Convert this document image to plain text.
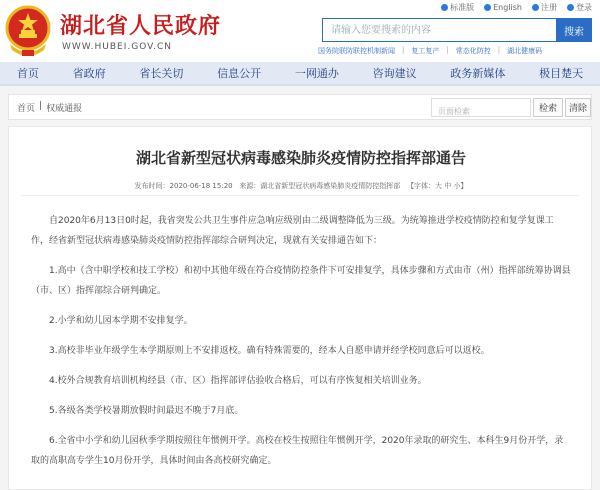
湖北省人民政府
WWW.HUBEI.GOV.CN
标准版 English 注册 登录
请输入您要搜索的内容
搜索
国务院联防联控机制新闻 | 复工复产 | 常态化防控 | 湖北健康码
首页	省政府	省长关切	信息公开	一网通办	咨询建议	政务新媒体	极目楚天
首页 | 权威通报
页面检索	检索	清除
湖北省新型冠状病毒感染肺炎疫情防控指挥部通告
发布时间：2020-06-18 15:20 来源：湖北省新型冠状病毒感染肺炎疫情防控指挥部 【字体：大 中 小】

自2020年6月13日0时起，我省突发公共卫生事件应急响应级别由二级调整降低为三级。为统筹推进学校疫情防控和复学复课工作，经省新型冠状病毒感染肺炎疫情防控指挥部综合研判决定，现就有关安排通告如下：

1.高中（含中职学校和技工学校）和初中其他年级在符合疫情防控条件下可安排复学，具体步骤和方式由市（州）指挥部统筹协调县（市、区）指挥部综合研判确定。

2.小学和幼儿园本学期不安排复学。

3.高校非毕业年级学生本学期原则上不安排返校。确有特殊需要的，经本人自愿申请并经学校同意后可以返校。

4.校外合规教育培训机构经县（市、区）指挥部评估验收合格后，可以有序恢复相关培训业务。

5.各级各类学校暑期放假时间最迟不晚于7月底。

6.全省中小学和幼儿园秋季学期按照往年惯例开学。高校在校生按照往年惯例开学，2020年录取的研究生、本科生9月份开学，录取的高职高专学生10月份开学，具体时间由各高校研究确定。
